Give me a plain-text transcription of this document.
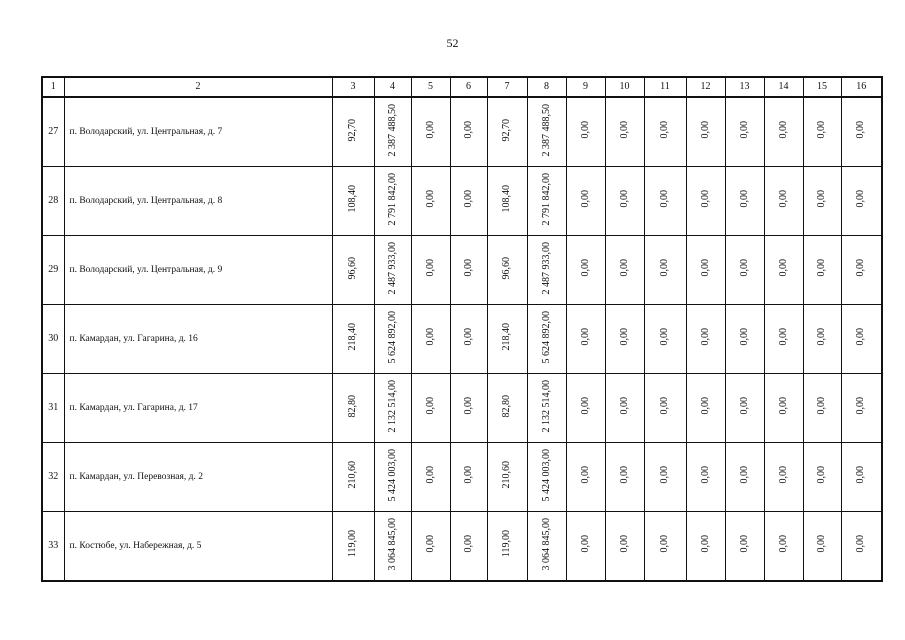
52
1	2	3	4	5	6	7	8	9	10	11	12	13	14	15	16
27	п. Володарский, ул. Центральная, д. 7	92,70	2 387 488,50	0,00	0,00	92,70	2 387 488,50	0,00	0,00	0,00	0,00	0,00	0,00	0,00	0,00
28	п. Володарский, ул. Центральная, д. 8	108,40	2 791 842,00	0,00	0,00	108,40	2 791 842,00	0,00	0,00	0,00	0,00	0,00	0,00	0,00	0,00
29	п. Володарский, ул. Центральная, д. 9	96,60	2 487 933,00	0,00	0,00	96,60	2 487 933,00	0,00	0,00	0,00	0,00	0,00	0,00	0,00	0,00
30	п. Камардан, ул. Гагарина, д. 16	218,40	5 624 892,00	0,00	0,00	218,40	5 624 892,00	0,00	0,00	0,00	0,00	0,00	0,00	0,00	0,00
31	п. Камардан, ул. Гагарина, д. 17	82,80	2 132 514,00	0,00	0,00	82,80	2 132 514,00	0,00	0,00	0,00	0,00	0,00	0,00	0,00	0,00
32	п. Камардан, ул. Перевозная, д. 2	210,60	5 424 003,00	0,00	0,00	210,60	5 424 003,00	0,00	0,00	0,00	0,00	0,00	0,00	0,00	0,00
33	п. Костюбе, ул. Набережная, д. 5	119,00	3 064 845,00	0,00	0,00	119,00	3 064 845,00	0,00	0,00	0,00	0,00	0,00	0,00	0,00	0,00
